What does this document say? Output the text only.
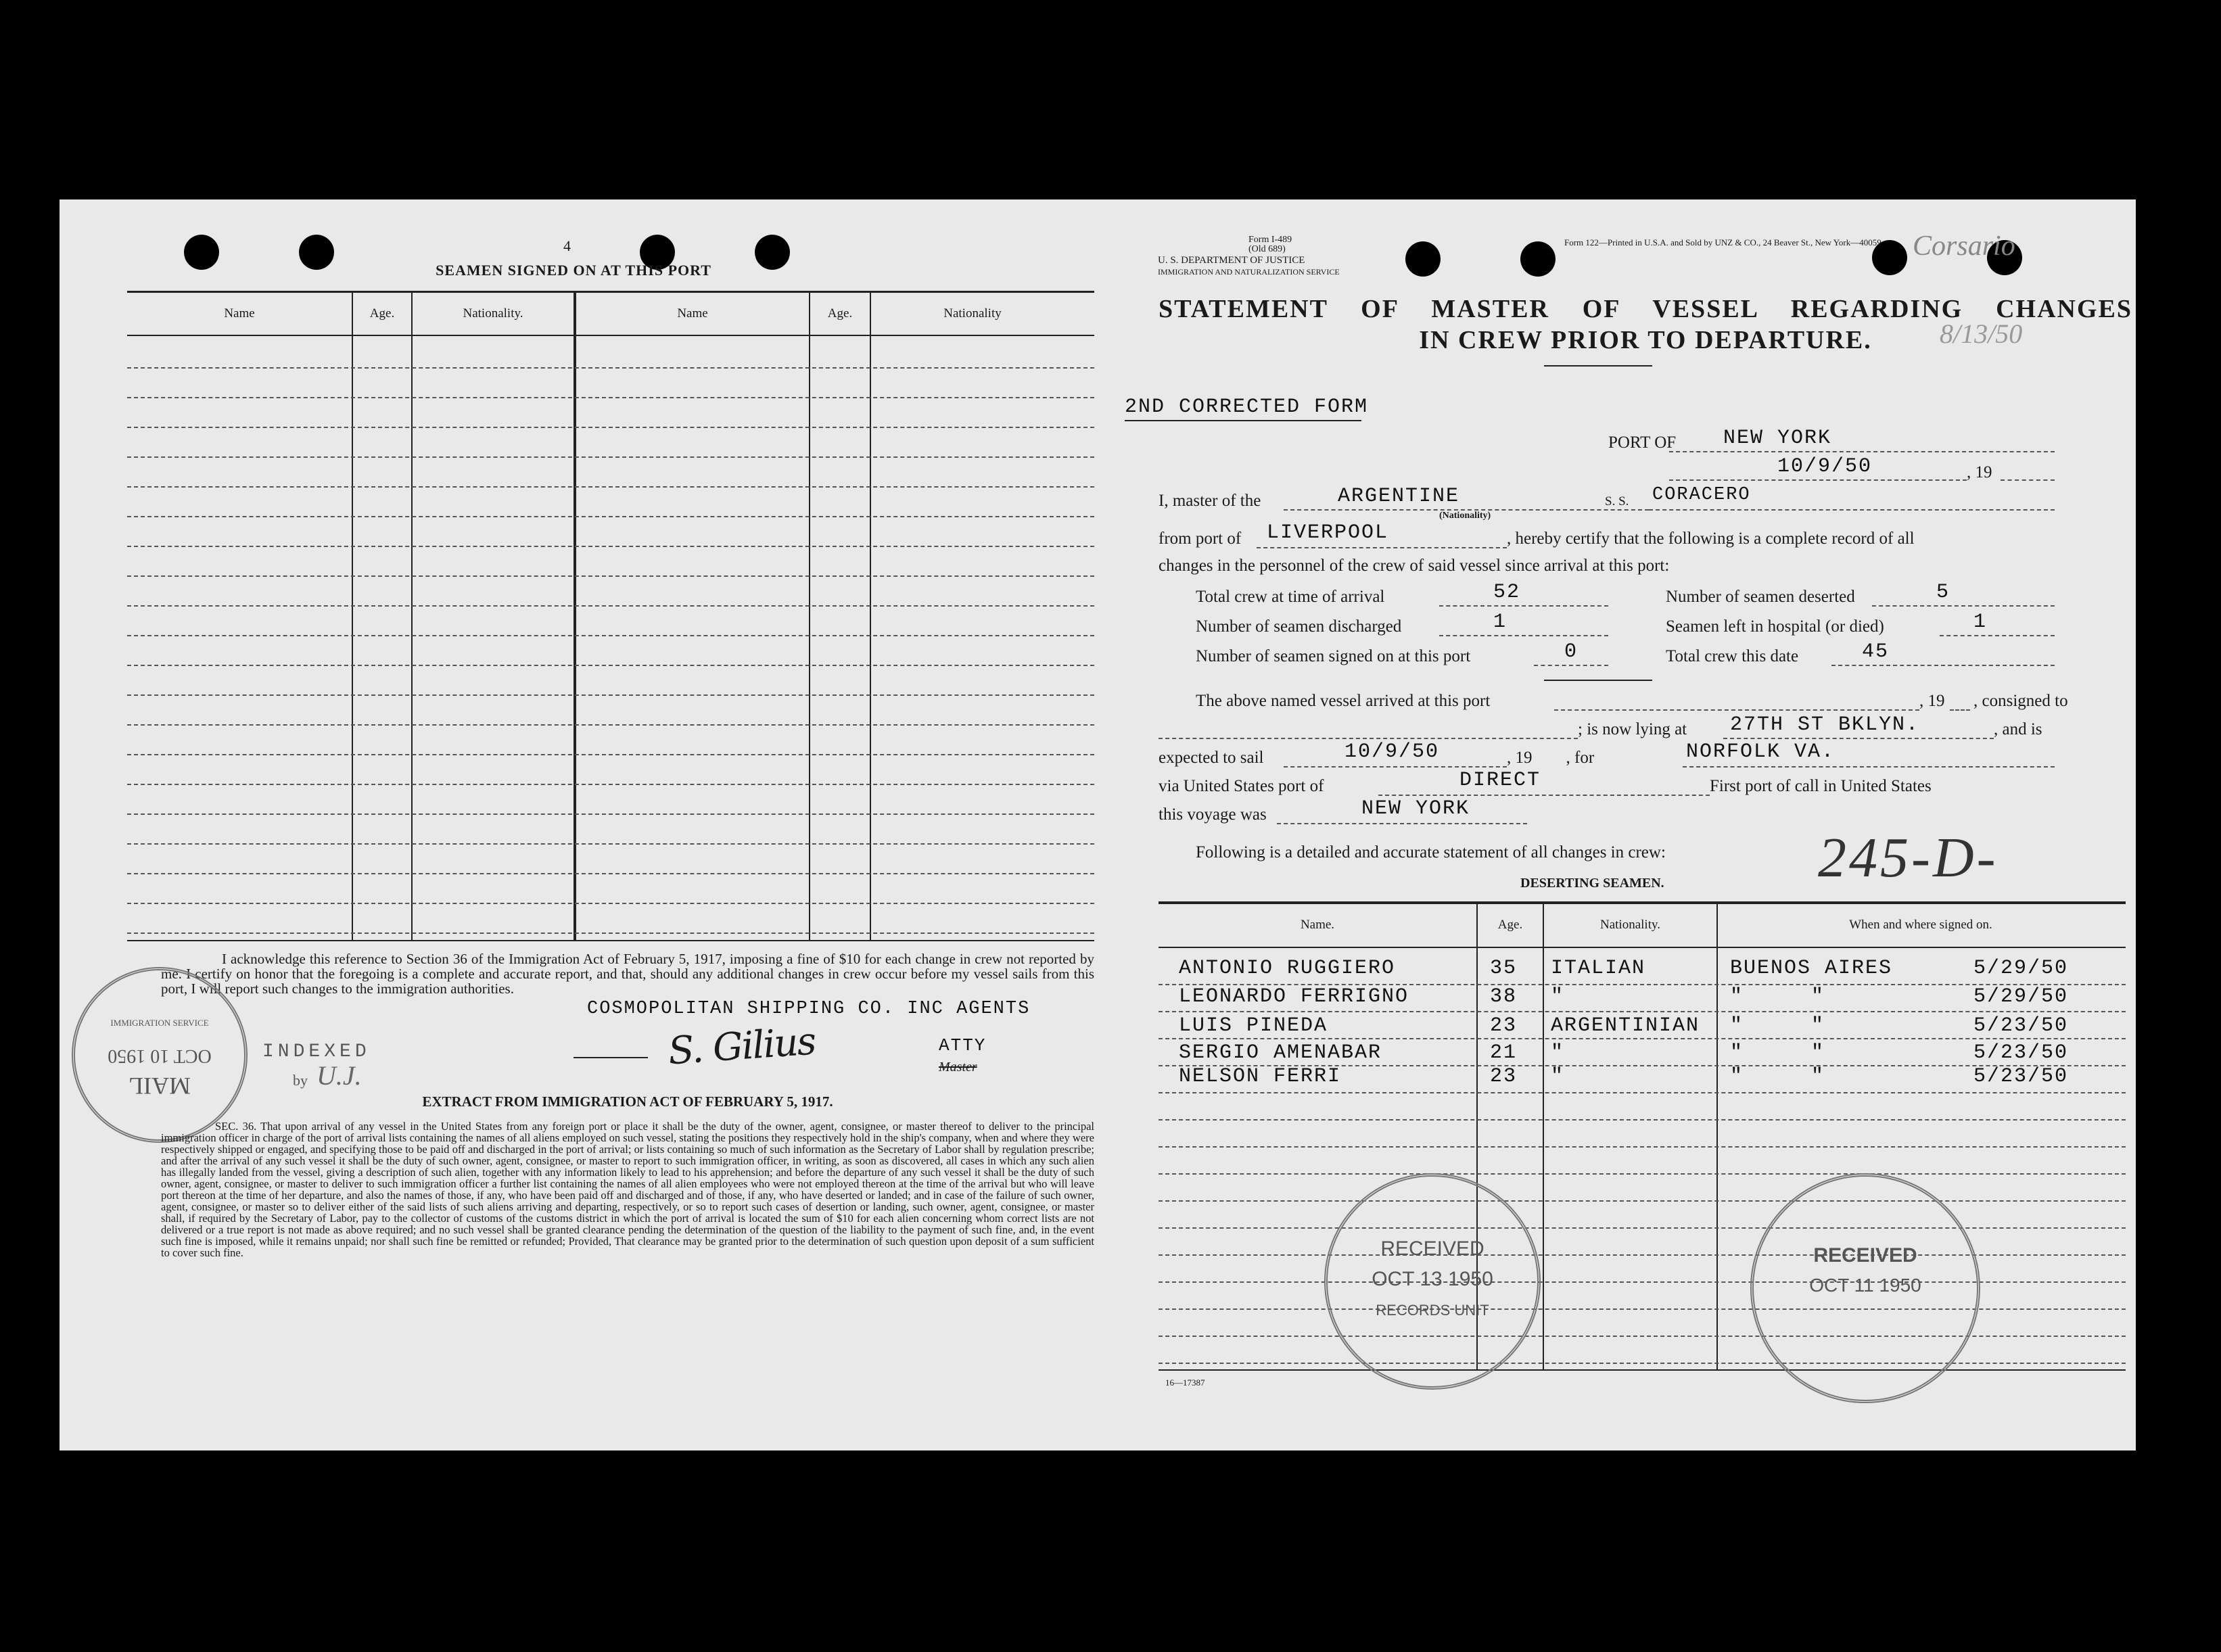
4
SEAMEN SIGNED ON AT THIS PORT
Name	Age.	Nationality.	Name	Age.	Nationality
I acknowledge this reference to Section 36 of the Immigration Act of February 5, 1917, imposing a fine of $10 for each change in crew not reported by me. I certify on honor that the foregoing is a complete and accurate report, and that, should any additional changes in crew occur before my vessel sails from this port, I will report such changes to the immigration authorities.
COSMOPOLITAN SHIPPING CO. INC AGENTS
S. Gilius	ATTY
Master
INDEXED
by U.J.
IMMIGRATION SERVICE
OCT 10 1950
MAIL
EXTRACT FROM IMMIGRATION ACT OF FEBRUARY 5, 1917.
SEC. 36. That upon arrival of any vessel in the United States from any foreign port or place it shall be the duty of the owner, agent, consignee, or master thereof to deliver to the principal immigration officer in charge of the port of arrival lists containing the names of all aliens employed on such vessel, stating the positions they respectively hold in the ship's company, when and where they were respectively shipped or engaged, and specifying those to be paid off and discharged in the port of arrival; or lists containing so much of such information as the Secretary of Labor shall by regulation prescribe; and after the arrival of any such vessel it shall be the duty of such owner, agent, consignee, or master to report to such immigration officer, in writing, as soon as discovered, all cases in which any such alien has illegally landed from the vessel, giving a description of such alien, together with any information likely to lead to his apprehension; and before the departure of any such vessel it shall be the duty of such owner, agent, consignee, or master to deliver to such immigration officer a further list containing the names of all alien employees who were not employed thereon at the time of the arrival but who will leave port thereon at the time of her departure, and also the names of those, if any, who have been paid off and discharged and of those, if any, who have deserted or landed; and in case of the failure of such owner, agent, consignee, or master so to deliver either of the said lists of such aliens arriving and departing, respectively, or so to report such cases of desertion or landing, such owner, agent, consignee, or master shall, if required by the Secretary of Labor, pay to the collector of customs of the customs district in which the port of arrival is located the sum of $10 for each alien concerning whom correct lists are not delivered or a true report is not made as above required; and no such vessel shall be granted clearance pending the determination of the question of the liability to the payment of such fine, and, in the event such fine is imposed, while it remains unpaid; nor shall such fine be remitted or refunded; Provided, That clearance may be granted prior to the determination of such question upon deposit of a sum sufficient to cover such fine.
Form I-489
(Old 689)
U. S. DEPARTMENT OF JUSTICE
IMMIGRATION AND NATURALIZATION SERVICE
Form 122—Printed in U.S.A. and Sold by UNZ & CO., 24 Beaver St., New York—40059 Corsario
8/13/50
STATEMENT OF MASTER OF VESSEL REGARDING CHANGES
IN CREW PRIOR TO DEPARTURE.
2ND CORRECTED FORM
PORT OF NEW YORK
10/9/50	, 19
I, master of the	ARGENTINE
(Nationality)
S. S. CORACERO
from port of LIVERPOOL	, hereby certify that the following is a complete record of all
changes in the personnel of the crew of said vessel since arrival at this port:
Total crew at time of arrival	52	Number of seamen deserted	5
Number of seamen discharged	1	Seamen left in hospital (or died)	1
Number of seamen signed on at this port	0	Total crew this date	45
The above named vessel arrived at this port	, 19 , consigned to
; is now lying at 27TH ST BKLYN.	, and is
expected to sail	10/9/50	, 19        , for	NORFOLK VA.
via United States port of	DIRECT	First port of call in United States
this voyage was	NEW YORK
Following is a detailed and accurate statement of all changes in crew:	245-D-
DESERTING SEAMEN.
Name.	Age.	Nationality.	When and where signed on.
ANTONIO RUGGIERO	35 ITALIAN	BUENOS AIRES	5/29/50
LEONARDO FERRIGNO	38 "	"     "	5/29/50
LUIS PINEDA	23 ARGENTINIAN "     "	5/23/50
SERGIO AMENABAR	21 "	"     "	5/23/50
NELSON FERRI	23 "	"     "	5/23/50
RECEIVED
OCT 13 1950
RECORDS UNIT
RECEIVED
OCT 11 1950
16—17387
